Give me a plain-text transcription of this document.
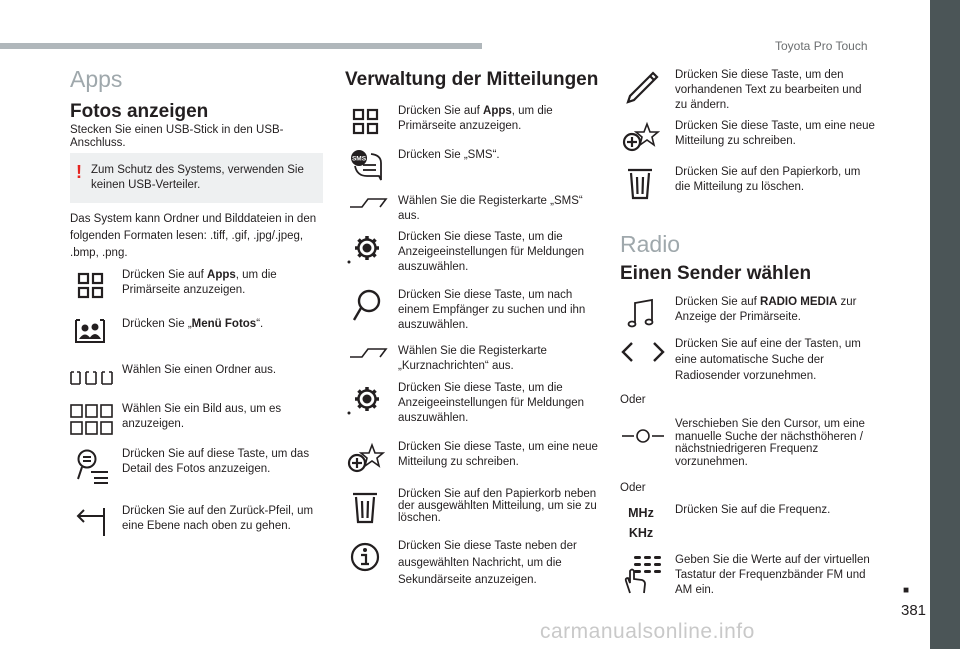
Toyota Pro Touch
Apps
Fotos anzeigen
Stecken Sie einen USB-Stick in den USB-Anschluss.
! Zum Schutz des Systems, verwenden Sie keinen USB-Verteiler.
Das System kann Ordner und Bilddateien in den folgenden Formaten lesen: .tiff, .gif, .jpg/.jpeg, .bmp, .png.
Drücken Sie auf Apps, um die Primärseite anzuzeigen.
Drücken Sie „Menü Fotos“.
Wählen Sie einen Ordner aus.
Wählen Sie ein Bild aus, um es anzuzeigen.
Drücken Sie auf diese Taste, um das Detail des Fotos anzuzeigen.
Drücken Sie auf den Zurück-Pfeil, um eine Ebene nach oben zu gehen.
Verwaltung der Mitteilungen
Drücken Sie auf Apps, um die Primärseite anzuzeigen.
SMS	Drücken Sie „SMS“.
Wählen Sie die Registerkarte „SMS“ aus.
Drücken Sie diese Taste, um die Anzeigeeinstellungen für Meldungen auszuwählen.
Drücken Sie diese Taste, um nach einem Empfänger zu suchen und ihn auszuwählen.
Wählen Sie die Registerkarte „Kurznachrichten“ aus.
Drücken Sie diese Taste, um die Anzeigeeinstellungen für Meldungen auszuwählen.
Drücken Sie diese Taste, um eine neue Mitteilung zu schreiben.
Drücken Sie auf den Papierkorb neben der ausgewählten Mitteilung, um sie zu löschen.
Drücken Sie diese Taste neben der ausgewählten Nachricht, um die Sekundärseite anzuzeigen.
Drücken Sie diese Taste, um den vorhandenen Text zu bearbeiten und zu ändern.
Drücken Sie diese Taste, um eine neue Mitteilung zu schreiben.
Drücken Sie auf den Papierkorb, um die Mitteilung zu löschen.
Radio
Einen Sender wählen
Drücken Sie auf RADIO MEDIA zur Anzeige der Primärseite.
Drücken Sie auf eine der Tasten, um eine automatische Suche der Radiosender vorzunehmen.
Oder
Verschieben Sie den Cursor, um eine manuelle Suche der nächsthöheren / nächstniedrigeren Frequenz vorzunehmen.
Oder
MHz
KHz
Drücken Sie auf die Frequenz.
Geben Sie die Werte auf der virtuellen Tastatur der Frequenzbänder FM und AM ein.	■
381
carmanualsonline.info
